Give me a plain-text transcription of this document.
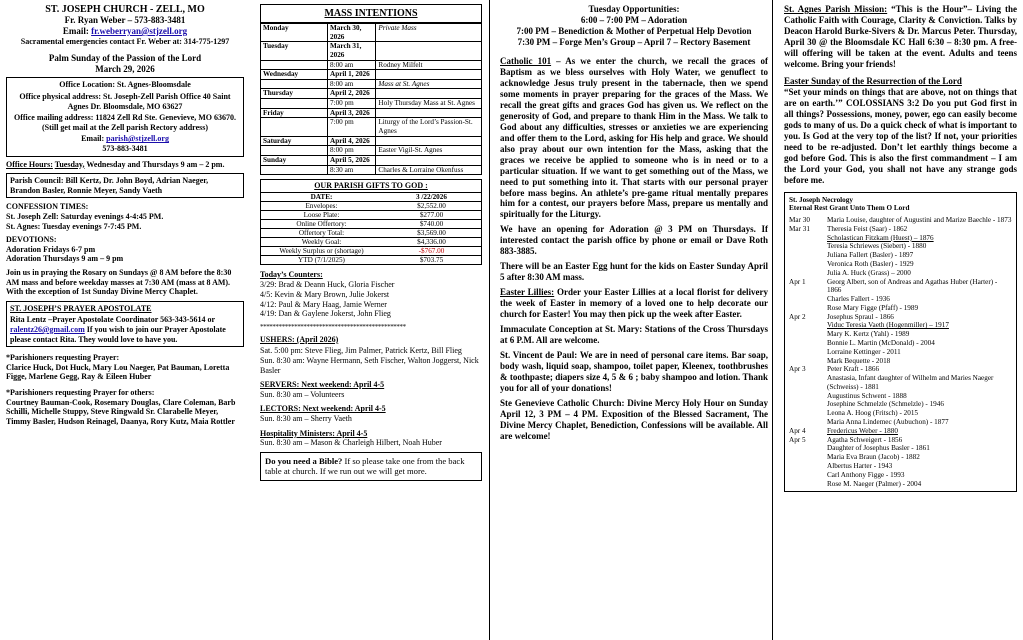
ST. JOSEPH CHURCH - ZELL, MO
Fr. Ryan Weber – 573-883-3481
Email: fr.weberryan@stjzell.org
Sacramental emergencies contact Fr. Weber at: 314-775-1297
Palm Sunday of the Passion of the Lord
March 29, 2026
Office Location: St. Agnes-Bloomsdale
Office physical address: St. Joseph-Zell Parish Office 40 Saint Agnes Dr. Bloomsdale, MO 63627
Office mailing address: 11824 Zell Rd Ste. Genevieve, MO 63670. (Still get mail at the Zell parish Rectory address)
Email: parish@stjzell.org
573-883-3481

Office Hours: Tuesday, Wednesday and Thursdays 9 am – 2 pm.

Parish Council: Bill Kertz, Dr. John Boyd, Adrian Naeger, Brandon Basler, Ronnie Meyer, Sandy Vaeth

CONFESSION TIMES:

St. Joseph Zell: Saturday evenings 4-4:45 PM.

St. Agnes: Tuesday evenings 7-7:45 PM.

DEVOTIONS:

Adoration Fridays 6-7 pm

Adoration Thursdays 9 am – 9 pm

Join us in praying the Rosary on Sundays @ 8 AM before the 8:30 AM mass and before weekday masses at 7:30 AM (mass at 8 AM). With the exception of 1st Sunday Divine Mercy Chaplet.

ST. JOSEPH’S PRAYER APOSTOLATE
Rita Lentz –Prayer Apostolate Coordinator 563-343-5614 or ralentz26@gmail.com If you wish to join our Prayer Apostolate please contact Rita. They would love to have you.

*Parishioners requesting Prayer:

Clarice Huck, Dot Huck, Mary Lou Naeger, Pat Bauman, Loretta Figge, Marlene Gegg, Ray & Eileen Huber

*Parishioners requesting Prayer for others:

Courtney Bauman-Cook, Rosemary Douglas, Clare Coleman, Barb Schilli, Michelle Stuppy, Steve Ringwald Sr. Clarabelle Meyer, Timmy Basler, Hudson Reinagel, Daanya, Rory Kutz, Maia Rottler

MASS INTENTIONS
Monday	March 30, 2026	Private Mass
Tuesday	March 31, 2026	
	8:00 am	Rodney Milfelt
Wednesday	April 1, 2026	
	8:00 am	Mass at St. Agnes
Thursday	April 2, 2026	
	7:00 pm	Holy Thursday Mass at St. Agnes
Friday	April 3, 2026	
	7:00 pm	Liturgy of the Lord’s Passion-St. Agnes
Saturday	April 4, 2026	
	8:00 pm	Easter Vigil-St. Agnes
Sunday	April 5, 2026	
	8:30 am	Charles & Lorraine Okenfuss
OUR PARISH GIFTS TO GOD :
DATE:	3 /22/2026
Envelopes:	$2,552.00
Loose Plate:	$277.00
Online Offertory:	$740.00
Offertory Total:	$3,569.00
Weekly Goal:	$4,336.00
Weekly Surplus or (shortage)	-$767.00
YTD (7/1/2025)	$703.75

Today’s Counters:

3/29: Brad & Deann Huck, Gloria Fischer

4/5: Kevin & Mary Brown, Julie Jokerst

4/12: Paul & Mary Haag, Jamie Werner

4/19: Dan & Gaylene Jokerst, John Flieg

***********************************************

USHERS: (April 2026)

Sat. 5:00 pm: Steve Flieg, Jim Palmer, Patrick Kertz, Bill Flieg

Sun. 8:30 am: Wayne Hermann, Seth Fischer, Walton Joggerst, Nick Basler

SERVERS: Next weekend: April 4-5

Sun. 8:30 am – Volunteers

LECTORS: Next weekend: April 4-5

Sun. 8:30 am – Sherry Vaeth

Hospitality Ministers: April 4-5

Sun. 8:30 am – Mason & Charleigh Hilbert, Noah Huber

Do you need a Bible? If so please take one from the back table at church. If we run out we will get more.
Tuesday Opportunities:
6:00 – 7:00 PM – Adoration
7:00 PM – Benediction & Mother of Perpetual Help Devotion
7:30 PM – Forge Men’s Group – April 7 – Rectory Basement

Catholic 101 – As we enter the church, we recall the graces of Baptism as we bless ourselves with Holy Water, we genuflect to acknowledge Jesus truly present in the tabernacle, then we spend some moments in prayer preparing for the graces of the Mass. We recall the great gifts and graces God has given us. We reflect on the generosity of God, and prepare to thank Him in the Mass. We talk to God about any difficulties, stresses or anxieties we are experiencing and offer them to the Lord, asking for His help and grace. We should also pray about our own intention for the Mass, asking that the graces we receive be applied to someone who is in need or to a particular situation. If we want to get something out of the Mass, we need to put something into it. That starts with our personal prayer before mass begins. An athlete’s pre-game ritual mentally prepares him for a contest, our prayers before Mass, prepare us mentally and spiritually for the Liturgy.

We have an opening for Adoration @ 3 PM on Thursdays. If interested contact the parish office by phone or email or Dave Roth 883-3885.

There will be an Easter Egg hunt for the kids on Easter Sunday April 5 after 8:30 AM mass.

Easter Lillies: Order your Easter Lillies at a local florist for delivery the week of Easter in memory of a loved one to help decorate our church for Easter! You may then pick up the week after Easter.

Immaculate Conception at St. Mary: Stations of the Cross Thursdays at 6 P.M. All are welcome.

St. Vincent de Paul: We are in need of personal care items. Bar soap, body wash, liquid soap, shampoo, toilet paper, Kleenex, toothbrushes & toothpaste; diapers size 4, 5 & 6 ; baby shampoo and lotion. Thank you for all of your donations!

Ste Genevieve Catholic Church: Divine Mercy Holy Hour on Sunday April 12, 3 PM – 4 PM. Exposition of the Blessed Sacrament, The Divine Mercy Chaplet, Benediction, Confessions will be available. All are welcome!

St. Agnes Parish Mission: “This is the Hour”– Living the Catholic Faith with Courage, Clarity & Conviction. Talks by Deacon Harold Burke-Sivers & Dr. Marcus Peter. Thursday, April 30 @ the Bloomsdale KC Hall 6:30 – 8:30 pm. A free-will offering will be taken at the event. Adults and teens welcome. Bring your friends!

Easter Sunday of the Resurrection of the Lord

“Set your minds on things that are above, not on things that are on earth.’” COLOSSIANS 3:2 Do you put God first in all things? Possessions, money, power, ego can easily become gods to many of us. Do a quick check of what is important to you. Is God at the very top of the list? If not, your priorities need to be re-adjusted. Don’t let earthly things become a god before God. This is also the first commandment – I am the Lord your God, you shall not have any strange gods before me.

St. Joseph Necrology
Eternal Rest Grant Unto Them O Lord
Mar 30	Maria Louise, daughter of Augustini and Marize Baechle - 1873
Mar 31	Theresia Feist (Saar) - 1862
Scholastican Fitzkam (Huest) – 1876
Teresia Schriewes (Siebert) - 1880
Juliana Fallert (Basler) - 1897
Veronica Roth (Basler) - 1929
Julia A. Huck (Grass) – 2000
Apr 1	Georg Albert, son of Andreas and Agathas Huber (Harter) - 1866
Charles Fallert - 1936
Rose Mary Figge (Pfaff) - 1989
Apr 2	Josephus Spraul - 1866
Viduc Teresia Vaeth (Hogenmiller) – 1917
Mary K. Kertz (Yahl) - 1989
Bonnie L. Martin (McDonald) - 2004
Lorraine Kettinger - 2011
Mark Bequette - 2018
Apr 3	Peter Kraft - 1866
Anastasia, Infant daughter of Wilhelm and Maries Naeger (Schweiss) - 1881
Augustinus Schwent - 1888
Josephine Schmelzle (Schmelzle) - 1946
Leona A. Hoog (Fritsch) - 2015
Maria Anna Lindemec (Aubuchon) - 1877
Apr 4	Fredericus Weber - 1880
Apr 5	Agatha Schweigert - 1856
Daughter of Josephus Basler - 1861
Maria Eva Braun (Jacob) - 1882
Albertus Harter - 1943
Carl Anthony Figge - 1993
Rose M. Naeger (Palmer) - 2004
